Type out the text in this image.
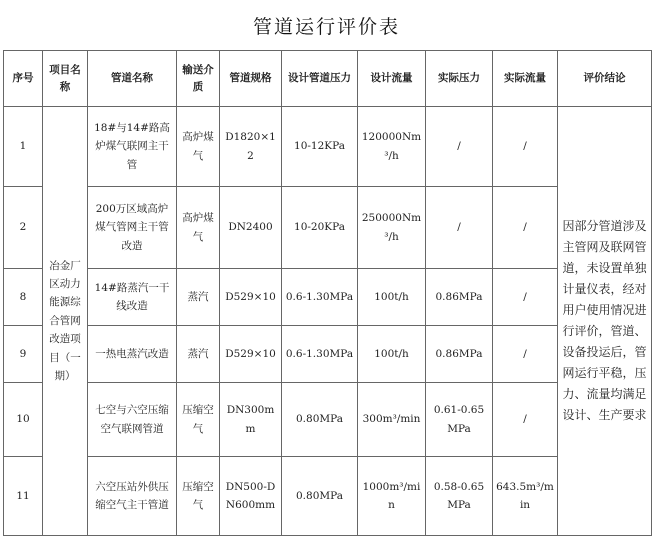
管道运行评价表
序号	项目名称	管道名称	输送介质	管道规格	设计管道压力	设计流量	实际压力	实际流量	评价结论
1	冶金厂区动力能源综合管网改造项目（一期）	18#与14#路高炉煤气联网主干管	高炉煤气	D1820×12	10-12KPa	120000Nm³/h	/	/	因部分管道涉及主管网及联网管道，未设置单独计量仪表，经对用户使用情况进行评价，管道、设备投运后，管网运行平稳，压力、流量均满足设计、生产要求
2		200万区域高炉煤气管网主干管改造	高炉煤气	DN2400	10-20KPa	250000Nm³/h	/	/	
8		14#路蒸汽一干线改造	蒸汽	D529×10	0.6-1.30MPa	100t/h	0.86MPa	/	
9		一热电蒸汽改造	蒸汽	D529×10	0.6-1.30MPa	100t/h	0.86MPa	/	
10		七空与六空压缩空气联网管道	压缩空气	DN300mm	0.80MPa	300m³/min	0.61-0.65MPa	/	
11		六空压站外供压缩空气主干管道	压缩空气	DN500-DN600mm	0.80MPa	1000m³/min	0.58-0.65MPa	643.5m³/min	
